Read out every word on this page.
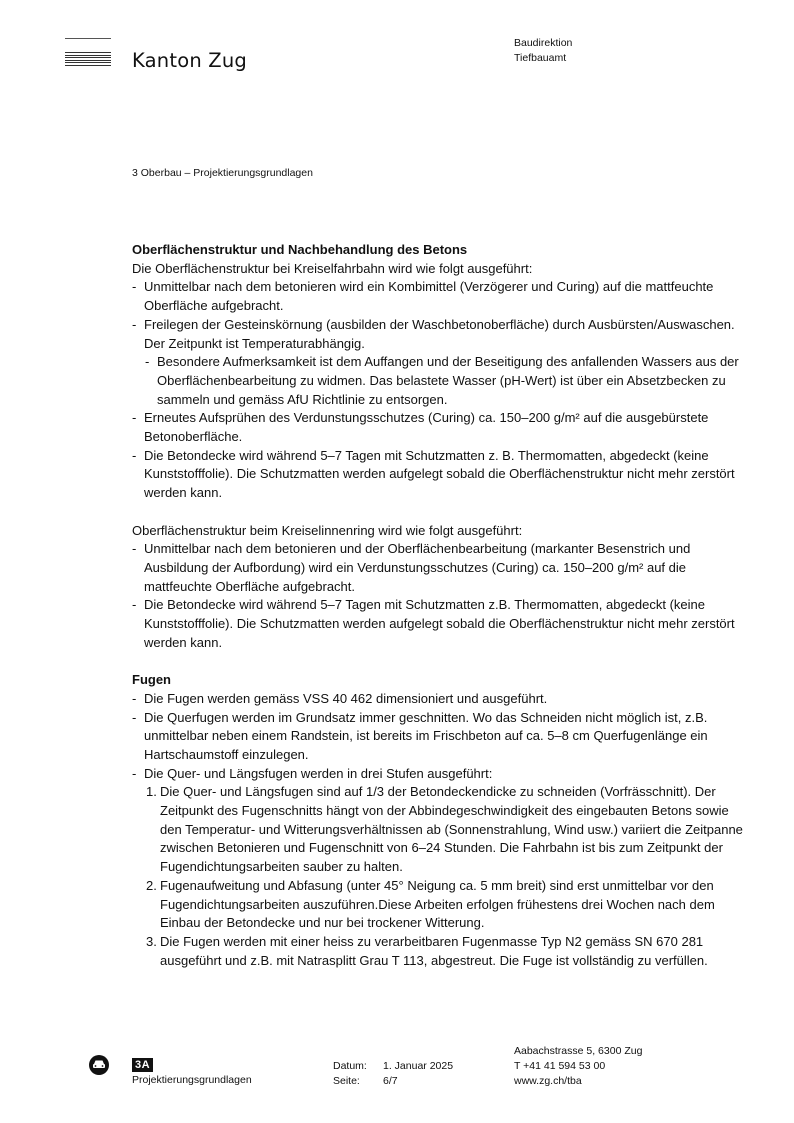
Kanton Zug
Baudirektion
Tiefbauamt
3 Oberbau – Projektierungsgrundlagen
Oberflächenstruktur und Nachbehandlung des Betons

Die Oberflächenstruktur bei Kreiselfahrbahn wird wie folgt ausgeführt:

- Unmittelbar nach dem betonieren wird ein Kombimittel (Verzögerer und Curing) auf die mattfeuchte Oberfläche aufgebracht.
- Freilegen der Gesteinskörnung (ausbilden der Waschbetonoberfläche) durch Ausbürsten/Auswaschen. Der Zeitpunkt ist Temperaturabhängig.
- Besondere Aufmerksamkeit ist dem Auffangen und der Beseitigung des anfallenden Wassers aus der Oberflächenbearbeitung zu widmen. Das belastete Wasser (pH-Wert) ist über ein Absetzbecken zu sammeln und gemäss AfU Richtlinie zu entsorgen.
- Erneutes Aufsprühen des Verdunstungsschutzes (Curing) ca. 150–200 g/m² auf die ausgebürstete Betonoberfläche.
- Die Betondecke wird während 5–7 Tagen mit Schutzmatten z. B. Thermomatten, abgedeckt (keine Kunststofffolie). Die Schutzmatten werden aufgelegt sobald die Oberflächenstruktur nicht mehr zerstört werden kann.

Oberflächenstruktur beim Kreiselinnenring wird wie folgt ausgeführt:

- Unmittelbar nach dem betonieren und der Oberflächenbearbeitung (markanter Besenstrich und Ausbildung der Aufbordung) wird ein Verdunstungsschutzes (Curing) ca. 150–200 g/m² auf die mattfeuchte Oberfläche aufgebracht.
- Die Betondecke wird während 5–7 Tagen mit Schutzmatten z.B. Thermomatten, abgedeckt (keine Kunststofffolie). Die Schutzmatten werden aufgelegt sobald die Oberflächenstruktur nicht mehr zerstört werden kann.
Fugen
- Die Fugen werden gemäss VSS 40 462 dimensioniert und ausgeführt.
- Die Querfugen werden im Grundsatz immer geschnitten. Wo das Schneiden nicht möglich ist, z.B. unmittelbar neben einem Randstein, ist bereits im Frischbeton auf ca. 5–8 cm Querfugenlänge ein Hartschaumstoff einzulegen.
- Die Quer- und Längsfugen werden in drei Stufen ausgeführt:
1. Die Quer- und Längsfugen sind auf 1/3 der Betondeckendicke zu schneiden (Vorfrässchnitt). Der Zeitpunkt des Fugenschnitts hängt von der Abbindegeschwindigkeit des eingebauten Betons sowie den Temperatur- und Witterungsverhältnissen ab (Sonnenstrahlung, Wind usw.) variiert die Zeitpanne zwischen Betonieren und Fugenschnitt von 6–24 Stunden. Die Fahrbahn ist bis zum Zeitpunkt der Fugendichtungsarbeiten sauber zu halten.
2. Fugenaufweitung und Abfasung (unter 45° Neigung ca. 5 mm breit) sind erst unmittelbar vor den Fugendichtungsarbeiten auszuführen.Diese Arbeiten erfolgen frühestens drei Wochen nach dem Einbau der Betondecke und nur bei trockener Witterung.
3. Die Fugen werden mit einer heiss zu verarbeitbaren Fugenmasse Typ N2 gemäss SN 670 281 ausgeführt und z.B. mit Natrasplitt Grau T 113, abgestreut. Die Fuge ist vollständig zu verfüllen.
3A
Projektierungsgrundlagen
Datum:	1. Januar 2025
Seite:	6/7
Aabachstrasse 5, 6300 Zug
T +41 41 594 53 00
www.zg.ch/tba
